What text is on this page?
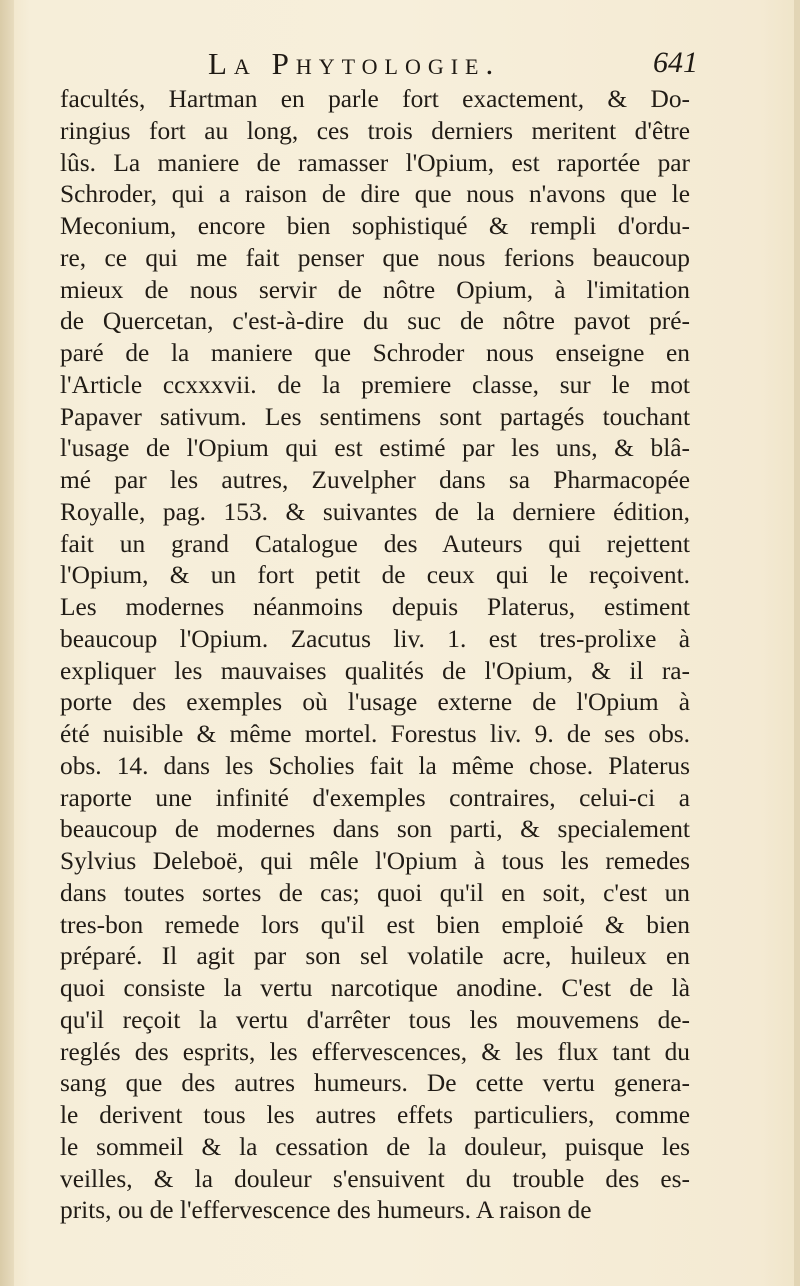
La Phytologie.	641
facultés, Hartman en parle fort exactement, & Do-
ringius fort au long, ces trois derniers meritent d'être
lûs. La maniere de ramasser l'Opium, est raportée par
Schroder, qui a raison de dire que nous n'avons que le
Meconium, encore bien sophistiqué & rempli d'ordu-
re, ce qui me fait penser que nous ferions beaucoup
mieux de nous servir de nôtre Opium, à l'imitation
de Quercetan, c'est-à-dire du suc de nôtre pavot pré-
paré de la maniere que Schroder nous enseigne en
l'Article ccxxxvii. de la premiere classe, sur le mot
Papaver sativum. Les sentimens sont partagés touchant
l'usage de l'Opium qui est estimé par les uns, & blâ-
mé par les autres, Zuvelpher dans sa Pharmacopée
Royalle, pag. 153. & suivantes de la derniere édition,
fait un grand Catalogue des Auteurs qui rejettent
l'Opium, & un fort petit de ceux qui le reçoivent.
Les modernes néanmoins depuis Platerus, estiment
beaucoup l'Opium. Zacutus liv. 1. est tres-prolixe à
expliquer les mauvaises qualités de l'Opium, & il ra-
porte des exemples où l'usage externe de l'Opium à
été nuisible & même mortel. Forestus liv. 9. de ses obs.
obs. 14. dans les Scholies fait la même chose. Platerus
raporte une infinité d'exemples contraires, celui-ci a
beaucoup de modernes dans son parti, & specialement
Sylvius Deleboë, qui mêle l'Opium à tous les remedes
dans toutes sortes de cas; quoi qu'il en soit, c'est un
tres-bon remede lors qu'il est bien emploié & bien
préparé. Il agit par son sel volatile acre, huileux en
quoi consiste la vertu narcotique anodine. C'est de là
qu'il reçoit la vertu d'arrêter tous les mouvemens de-
reglés des esprits, les effervescences, & les flux tant du
sang que des autres humeurs. De cette vertu genera-
le derivent tous les autres effets particuliers, comme
le sommeil & la cessation de la douleur, puisque les
veilles, & la douleur s'ensuivent du trouble des es-
prits, ou de l'effervescence des humeurs. A raison de
